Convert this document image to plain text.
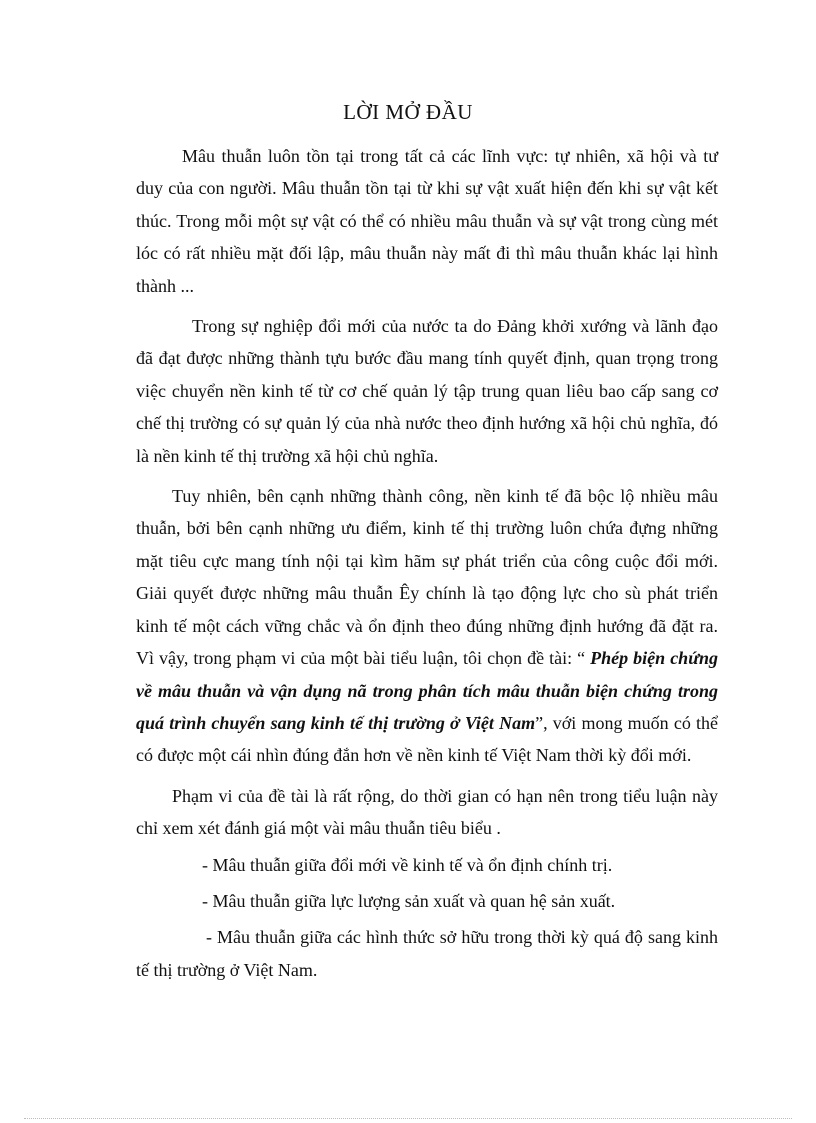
LỜI MỞ ĐẦU

Mâu thuẫn luôn tồn tại trong tất cả các lĩnh vực: tự nhiên, xã hội và tư duy của con người. Mâu thuẫn tồn tại từ khi sự vật xuất hiện đến khi sự vật kết thúc. Trong mỗi một sự vật có thể có nhiều mâu thuẫn và sự vật trong cùng mét lóc có rất nhiều mặt đối lập, mâu thuẫn này mất đi thì mâu thuẫn khác lại hình thành ...

Trong sự nghiệp đổi mới của nước ta do Đảng khởi xướng và lãnh đạo đã đạt được những thành tựu bước đầu mang tính quyết định, quan trọng trong việc chuyển nền kinh tế từ cơ chế quản lý tập trung quan liêu bao cấp sang cơ chế thị trường có sự quản lý của nhà nước theo định hướng xã hội chủ nghĩa, đó là nền kinh tế thị trường xã hội chủ nghĩa.

Tuy nhiên, bên cạnh những thành công, nền kinh tế đã bộc lộ nhiều mâu thuẫn, bởi bên cạnh những ưu điểm, kinh tế thị trường luôn chứa đựng những mặt tiêu cực mang tính nội tại kìm hãm sự phát triển của công cuộc đổi mới. Giải quyết được những mâu thuẫn Êy chính là tạo động lực cho sù phát triển kinh tế một cách vững chắc và ổn định theo đúng những định hướng đã đặt ra. Vì vậy, trong phạm vi của một bài tiểu luận, tôi chọn đề tài: “ Phép biện chứng về mâu thuẫn và vận dụng nã trong phân tích mâu thuẫn biện chứng trong quá trình chuyển sang kinh tế thị trường ở Việt Nam”, với mong muốn có thể có được một cái nhìn đúng đắn hơn về nền kinh tế Việt Nam thời kỳ đổi mới.

Phạm vi của đề tài là rất rộng, do thời gian có hạn nên trong tiểu luận này chỉ xem xét đánh giá một vài mâu thuẫn tiêu biểu .

- Mâu thuẫn giữa đổi mới về kinh tế và ổn định chính trị.

- Mâu thuẫn giữa lực lượng sản xuất và quan hệ sản xuất.

- Mâu thuẫn giữa các hình thức sở hữu trong thời kỳ quá độ sang kinh tế thị trường ở Việt Nam.
